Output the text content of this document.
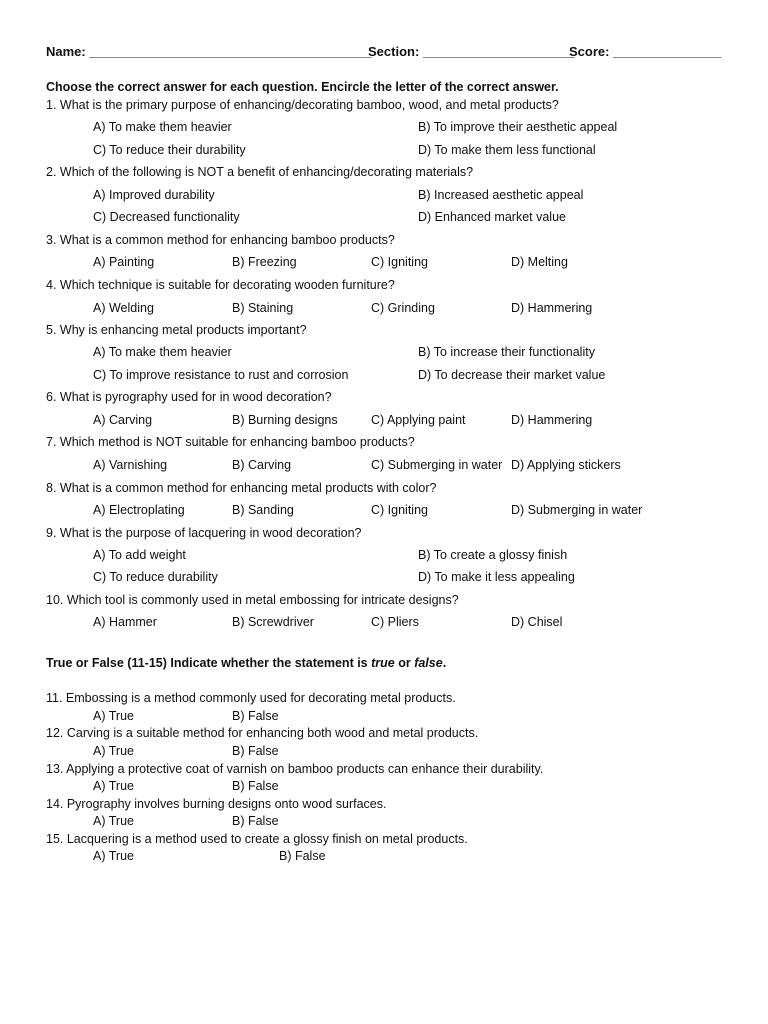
Name: _______________________________________
Section: _____________________
Score: _______________
Choose the correct answer for each question. Encircle the letter of the correct answer.
1. What is the primary purpose of enhancing/decorating bamboo, wood, and metal products?
A) To make them heavier	B) To improve their aesthetic appeal
C) To reduce their durability	D) To make them less functional
2. Which of the following is NOT a benefit of enhancing/decorating materials?
A) Improved durability	B) Increased aesthetic appeal
C) Decreased functionality	D) Enhanced market value
3. What is a common method for enhancing bamboo products?
A) Painting	B) Freezing	C) Igniting	D) Melting
4. Which technique is suitable for decorating wooden furniture?
A) Welding	B) Staining	C) Grinding	D) Hammering
5. Why is enhancing metal products important?
A) To make them heavier	B) To increase their functionality
C) To improve resistance to rust and corrosion	D) To decrease their market value
6. What is pyrography used for in wood decoration?
A) Carving	B) Burning designs	C) Applying paint	D) Hammering
7. Which method is NOT suitable for enhancing bamboo products?
A) Varnishing	B) Carving	C) Submerging in water D) Applying stickers
8. What is a common method for enhancing metal products with color?
A) Electroplating	B) Sanding	C) Igniting	D) Submerging in water
9. What is the purpose of lacquering in wood decoration?
A) To add weight	B) To create a glossy finish
C) To reduce durability	D) To make it less appealing
10. Which tool is commonly used in metal embossing for intricate designs?
A) Hammer	B) Screwdriver	C) Pliers	D) Chisel
True or False (11-15) Indicate whether the statement is true or false.
11. Embossing is a method commonly used for decorating metal products.
A) True	B) False
12. Carving is a suitable method for enhancing both wood and metal products.
A) True	B) False
13. Applying a protective coat of varnish on bamboo products can enhance their durability.
A) True	B) False
14. Pyrography involves burning designs onto wood surfaces.
A) True	B) False
15. Lacquering is a method used to create a glossy finish on metal products.
A) True	B) False
